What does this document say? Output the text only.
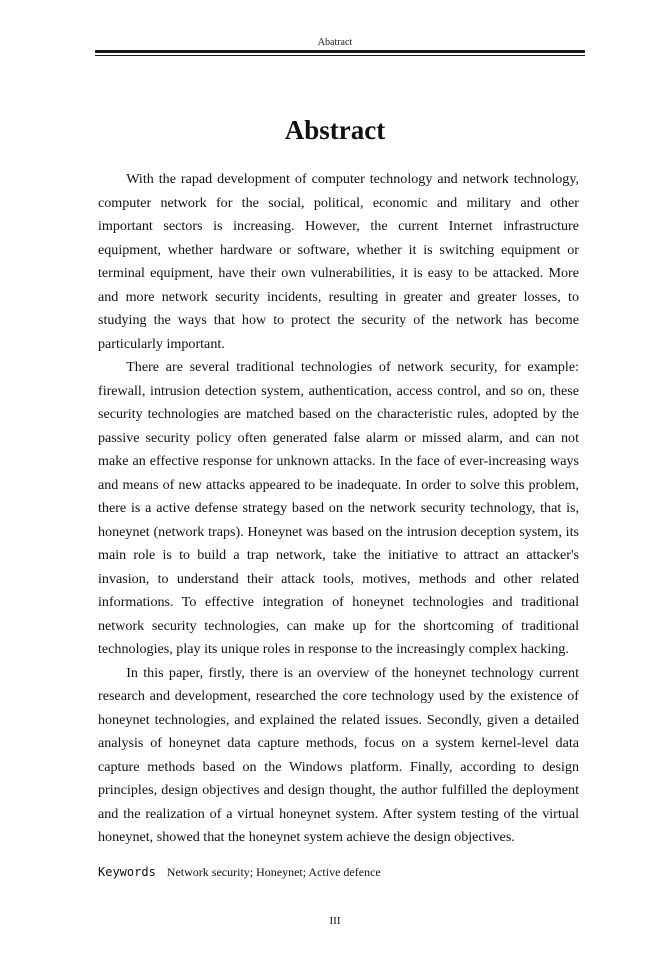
Abatract
Abstract

With the rapad development of computer technology and network technology, computer network for the social, political, economic and military and other important sectors is increasing. However, the current Internet infrastructure equipment, whether hardware or software, whether it is switching equipment or terminal equipment, have their own vulnerabilities, it is easy to be attacked. More and more network security incidents, resulting in greater and greater losses, to studying the ways that how to protect the security of the network has become particularly important.

There are several traditional technologies of network security, for example: firewall, intrusion detection system, authentication, access control, and so on, these security technologies are matched based on the characteristic rules, adopted by the passive security policy often generated false alarm or missed alarm, and can not make an effective response for unknown attacks. In the face of ever-increasing ways and means of new attacks appeared to be inadequate. In order to solve this problem, there is a active defense strategy based on the network security technology, that is, honeynet (network traps). Honeynet was based on the intrusion deception system, its main role is to build a trap network, take the initiative to attract an attacker's invasion, to understand their attack tools, motives, methods and other related informations. To effective integration of honeynet technologies and traditional network security technologies, can make up for the shortcoming of traditional technologies, play its unique roles in response to the increasingly complex hacking.

In this paper, firstly, there is an overview of the honeynet technology current research and development, researched the core technology used by the existence of honeynet technologies, and explained the related issues. Secondly, given a detailed analysis of honeynet data capture methods, focus on a system kernel-level data capture methods based on the Windows platform. Finally, according to design principles, design objectives and design thought, the author fulfilled the deployment and the realization of a virtual honeynet system. After system testing of the virtual honeynet, showed that the honeynet system achieve the design objectives.

Keywords Network security; Honeynet; Active defence
III
